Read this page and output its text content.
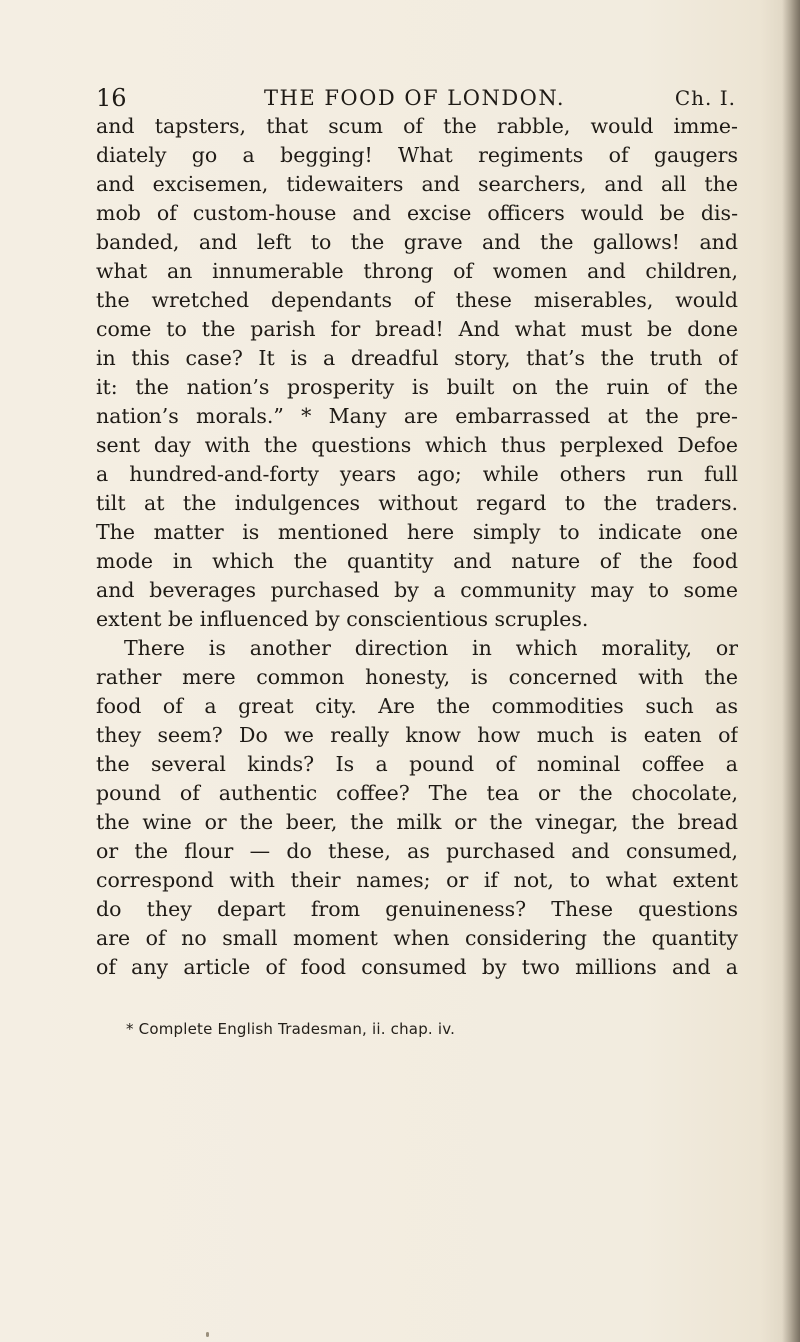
16	THE FOOD OF LONDON.	Ch. I.
and tapsters, that scum of the rabble, would imme-
diately go a begging! What regiments of gaugers
and excisemen, tidewaiters and searchers, and all the
mob of custom-house and excise officers would be dis-
banded, and left to the grave and the gallows! and
what an innumerable throng of women and children,
the wretched dependants of these miserables, would
come to the parish for bread! And what must be done
in this case? It is a dreadful story, that’s the truth of
it: the nation’s prosperity is built on the ruin of the
nation’s morals.” * Many are embarrassed at the pre-
sent day with the questions which thus perplexed Defoe
a hundred-and-forty years ago; while others run full
tilt at the indulgences without regard to the traders.
The matter is mentioned here simply to indicate one
mode in which the quantity and nature of the food
and beverages purchased by a community may to some
extent be influenced by conscientious scruples.
There is another direction in which morality, or
rather mere common honesty, is concerned with the
food of a great city. Are the commodities such as
they seem? Do we really know how much is eaten of
the several kinds? Is a pound of nominal coffee a
pound of authentic coffee? The tea or the chocolate,
the wine or the beer, the milk or the vinegar, the bread
or the flour — do these, as purchased and consumed,
correspond with their names; or if not, to what extent
do they depart from genuineness? These questions
are of no small moment when considering the quantity
of any article of food consumed by two millions and a
* Complete English Tradesman, ii. chap. iv.
